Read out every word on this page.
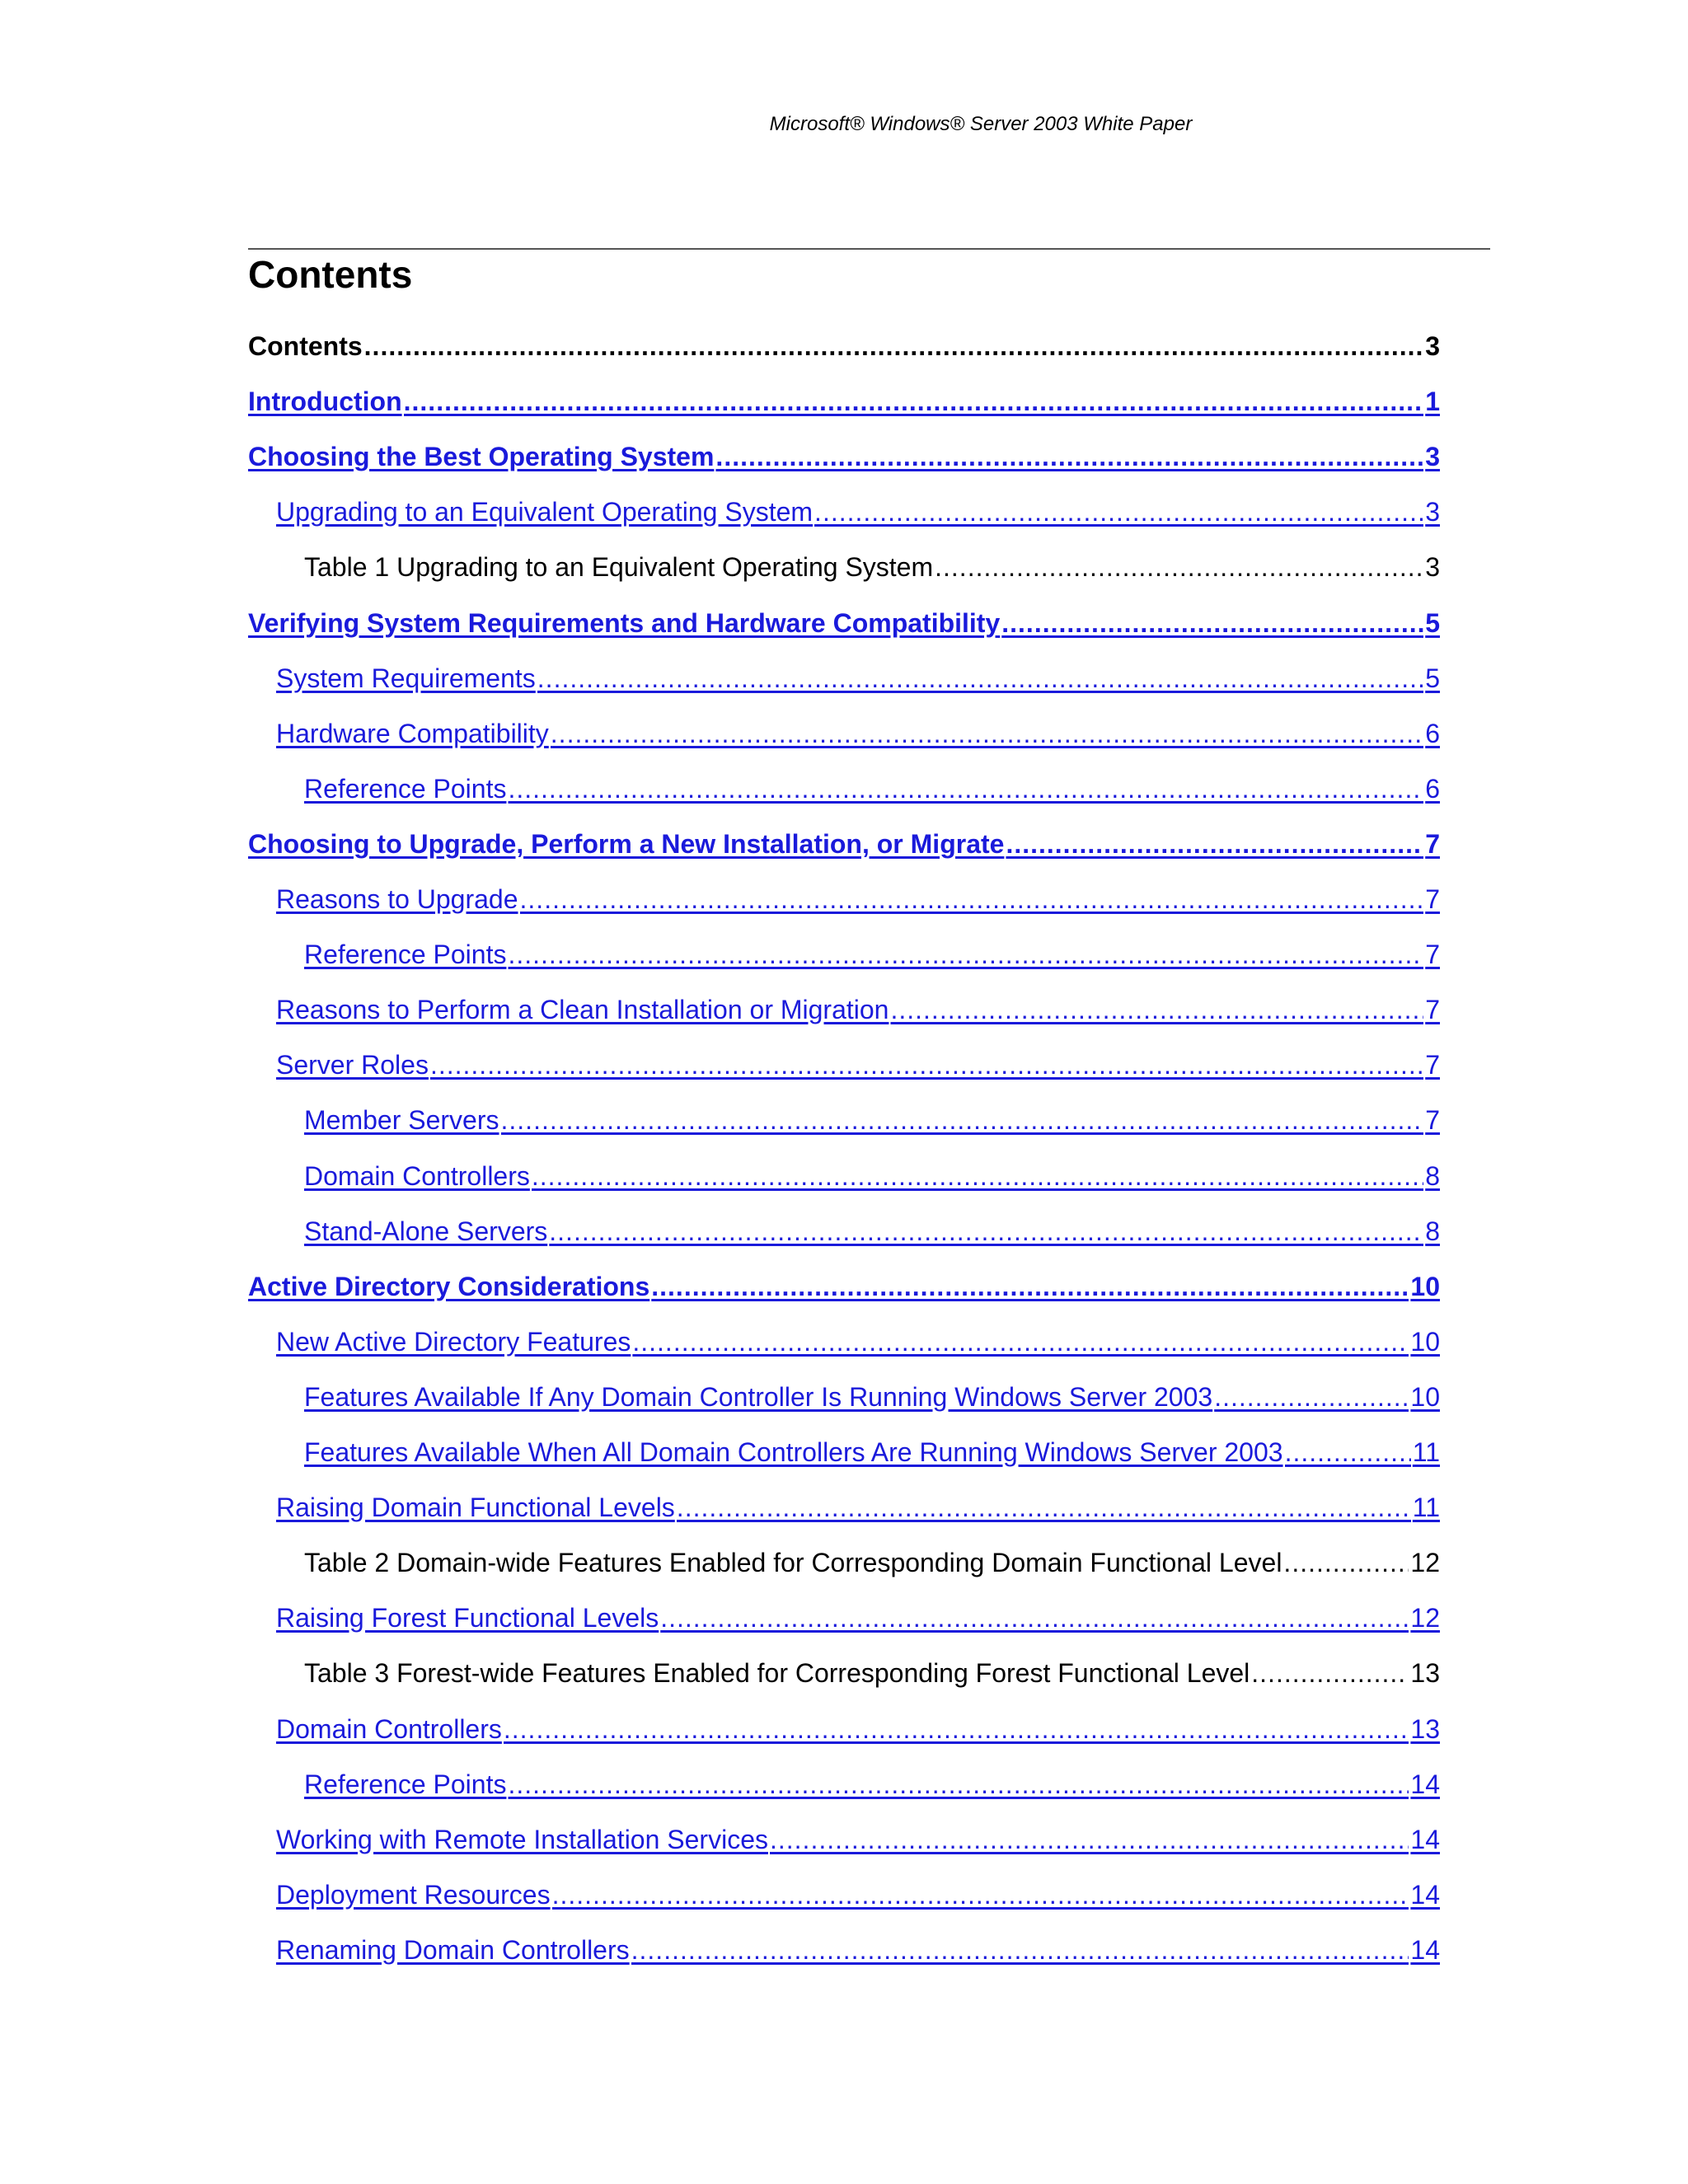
Microsoft® Windows® Server 2003 White Paper
Contents
Contents .....	3
Introduction .....	1
Choosing the Best Operating System .....	3
Upgrading to an Equivalent Operating System .....	3
Table 1 Upgrading to an Equivalent Operating System .....	3
Verifying System Requirements and Hardware Compatibility .....	5
System Requirements .....	5
Hardware Compatibility .....	6
Reference Points .....	6
Choosing to Upgrade, Perform a New Installation, or Migrate .....	7
Reasons to Upgrade .....	7
Reference Points .....	7
Reasons to Perform a Clean Installation or Migration .....	7
Server Roles .....	7
Member Servers .....	7
Domain Controllers .....	8
Stand-Alone Servers .....	8
Active Directory Considerations .....	10
New Active Directory Features .....	10
Features Available If Any Domain Controller Is Running Windows Server 2003 .....	10
Features Available When All Domain Controllers Are Running Windows Server 2003 .....	11
Raising Domain Functional Levels .....	11
Table 2 Domain-wide Features Enabled for Corresponding Domain Functional Level .....	12
Raising Forest Functional Levels .....	12
Table 3 Forest-wide Features Enabled for Corresponding Forest Functional Level .....	13
Domain Controllers .....	13
Reference Points .....	14
Working with Remote Installation Services .....	14
Deployment Resources .....	14
Renaming Domain Controllers .....	14
